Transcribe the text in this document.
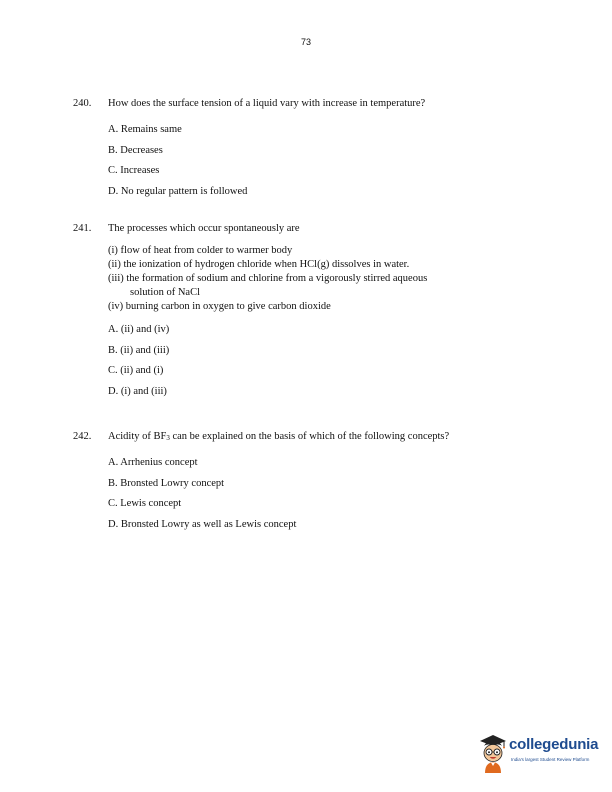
73
240. How does the surface tension of a liquid vary with increase in temperature?
A. Remains same
B. Decreases
C. Increases
D. No regular pattern is followed
241. The processes which occur spontaneously are
(i) flow of heat from colder to warmer body
(ii) the ionization of hydrogen chloride when HCl(g) dissolves in water.
(iii) the formation of sodium and chlorine from a vigorously stirred aqueous
solution of NaCl
(iv) burning carbon in oxygen to give carbon dioxide
A. (ii) and (iv)
B. (ii) and (iii)
C. (ii) and (i)
D. (i) and (iii)
242. Acidity of $BF_3$ can be explained on the basis of which of the following concepts?
A. Arrhenius concept
B. Bronsted Lowry concept
C. Lewis concept
D. Bronsted Lowry as well as Lewis concept
collegedunia
India's largest Student Review Platform
